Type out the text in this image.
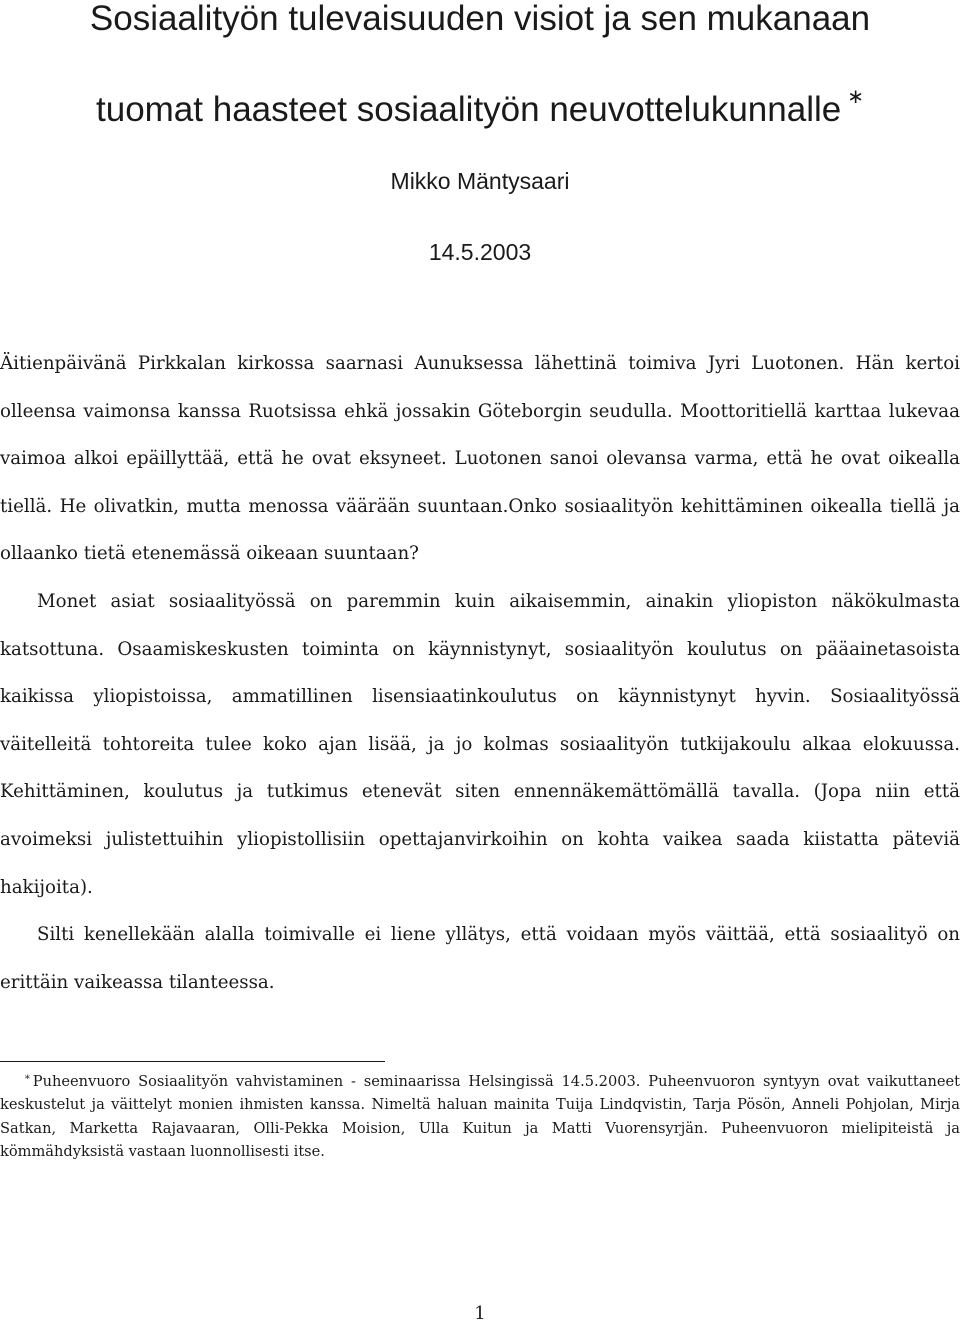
Sosiaalityön tulevaisuuden visiot ja sen mukanaan
tuomat haasteet sosiaalityön neuvottelukunnalle ∗
Mikko Mäntysaari
14.5.2003

Äitienpäivänä Pirkkalan kirkossa saarnasi Aunuksessa lähettinä toimiva Jyri Luotonen. Hän kertoi olleensa vaimonsa kanssa Ruotsissa ehkä jossakin Göteborgin seudulla. Moottoritiellä karttaa lukevaa vaimoa alkoi epäillyttää, että he ovat eksyneet. Luotonen sanoi olevansa varma, että he ovat oikealla tiellä. He olivatkin, mutta menossa väärään suuntaan.Onko sosiaalityön kehittäminen oikealla tiellä ja ollaanko tietä etenemässä oikeaan suuntaan?

Monet asiat sosiaalityössä on paremmin kuin aikaisemmin, ainakin yliopiston näkökulmasta katsottuna. Osaamiskeskusten toiminta on käynnistynyt, sosiaalityön koulutus on pääainetasoista kaikissa yliopistoissa, ammatillinen lisensiaatinkoulutus on käynnistynyt hyvin. Sosiaalityössä väitelleitä tohtoreita tulee koko ajan lisää, ja jo kolmas sosiaalityön tutkijakoulu alkaa elokuussa. Kehittäminen, koulutus ja tutkimus etenevät siten ennennäkemättömällä tavalla. (Jopa niin että avoimeksi julistettuihin yliopistollisiin opettajanvirkoihin on kohta vaikea saada kiistatta päteviä hakijoita).

Silti kenellekään alalla toimivalle ei liene yllätys, että voidaan myös väittää, että sosiaalityö on erittäin vaikeassa tilanteessa.

∗ Puheenvuoro Sosiaalityön vahvistaminen - seminaarissa Helsingissä 14.5.2003. Puheenvuoron syntyyn ovat vaikuttaneet keskustelut ja väittelyt monien ihmisten kanssa. Nimeltä haluan mainita Tuija Lindqvistin, Tarja Pösön, Anneli Pohjolan, Mirja Satkan, Marketta Rajavaaran, Olli-Pekka Moision, Ulla Kuitun ja Matti Vuorensyrjän. Puheenvuoron mielipiteistä ja kömmähdyksistä vastaan luonnollisesti itse.

1
